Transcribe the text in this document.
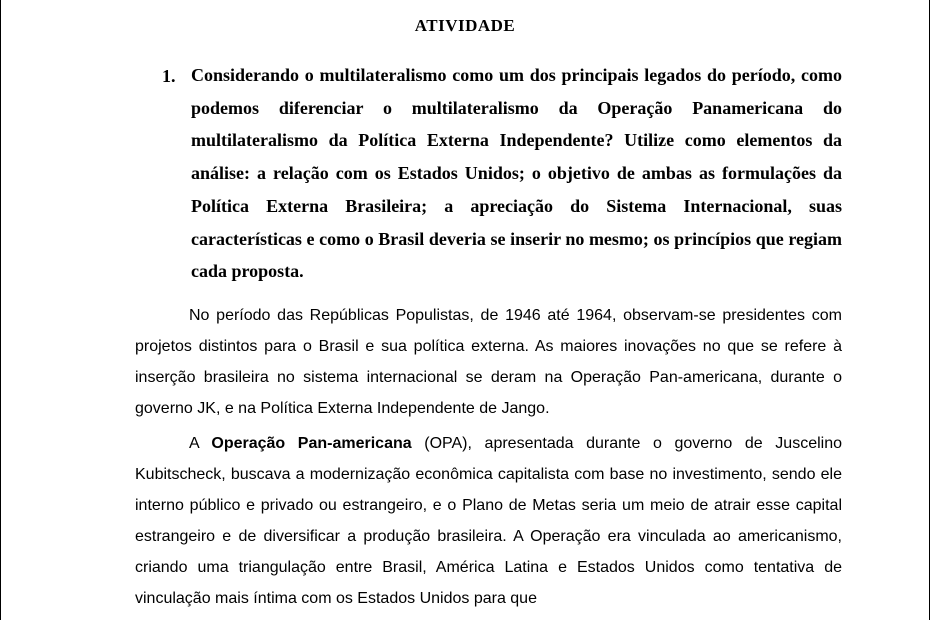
ATIVIDADE
1. Considerando o multilateralismo como um dos principais legados do período, como podemos diferenciar o multilateralismo da Operação Panamericana do multilateralismo da Política Externa Independente? Utilize como elementos da análise: a relação com os Estados Unidos; o objetivo de ambas as formulações da Política Externa Brasileira; a apreciação do Sistema Internacional, suas características e como o Brasil deveria se inserir no mesmo; os princípios que regiam cada proposta.
No período das Repúblicas Populistas, de 1946 até 1964, observam-se presidentes com projetos distintos para o Brasil e sua política externa. As maiores inovações no que se refere à inserção brasileira no sistema internacional se deram na Operação Pan-americana, durante o governo JK, e na Política Externa Independente de Jango.
A Operação Pan-americana (OPA), apresentada durante o governo de Juscelino Kubitscheck, buscava a modernização econômica capitalista com base no investimento, sendo ele interno público e privado ou estrangeiro, e o Plano de Metas seria um meio de atrair esse capital estrangeiro e de diversificar a produção brasileira. A Operação era vinculada ao americanismo, criando uma triangulação entre Brasil, América Latina e Estados Unidos como tentativa de vinculação mais íntima com os Estados Unidos para que
